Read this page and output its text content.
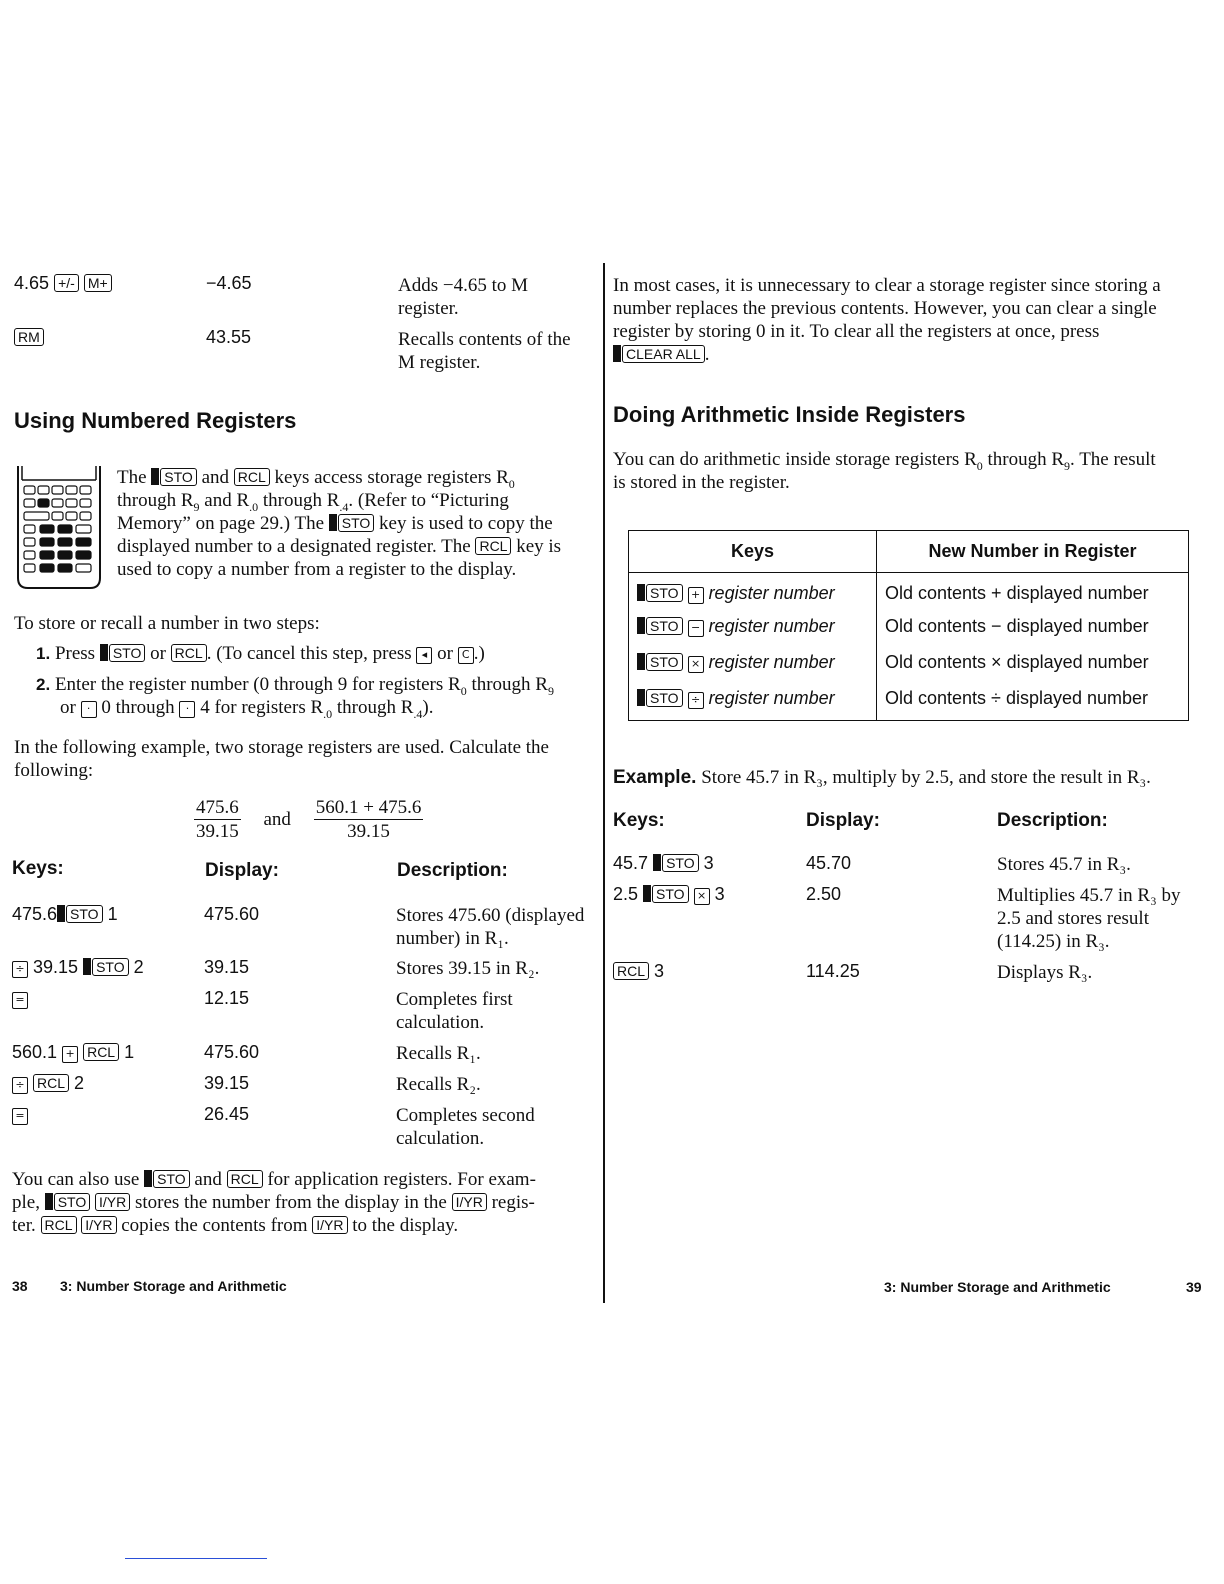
4.65 +/- M+	−4.65	Adds −4.65 to M
register.
RM	43.55	Recalls contents of the
M register.
Using Numbered Registers
The STO and RCL keys access storage registers $R_0$
through $R_9$ and $R_{.0}$ through $R_{.4}$. (Refer to “Picturing
Memory” on page 29.) The STO key is used to copy the
displayed number to a designated register. The RCL key is
used to copy a number from a register to the display.
To store or recall a number in two steps:
1. Press STO or RCL . (To cancel this step, press ◂ or C .)
2. Enter the register number (0 through 9 for registers $R_0$ through $R_9$
or · 0 through · 4 for registers $R_{.0}$ through $R_{.4}$).
In the following example, two storage registers are used. Calculate the
following:
$\frac{475.6}{39.15}$ and $\frac{560.1 + 475.6}{39.15}$
Keys:	Display:	Description:
475.6 STO 1	475.60	Stores 475.60 (displayed
number) in R₁.
÷ 39.15 STO 2	39.15	Stores 39.15 in R₂.
=	12.15	Completes first
calculation.
560.1 + RCL 1	475.60	Recalls R₁.
÷ RCL 2	39.15	Recalls R₂.
=	26.45	Completes second
calculation.
You can also use STO and RCL for application registers. For exam-
ple, STO I/YR stores the number from the display in the I/YR regis-
ter. RCL I/YR copies the contents from I/YR to the display.
38 3: Number Storage and Arithmetic
In most cases, it is unnecessary to clear a storage register since storing a
number replaces the previous contents. However, you can clear a single
register by storing 0 in it. To clear all the registers at once, press
CLEAR ALL .
Doing Arithmetic Inside Registers
You can do arithmetic inside storage registers $R_0$ through $R_9$. The result
is stored in the register.
Keys	New Number in Register
STO + register number	Old contents + displayed number
STO − register number	Old contents − displayed number
STO × register number	Old contents × displayed number
STO ÷ register number	Old contents ÷ displayed number
Example. Store 45.7 in R₃, multiply by 2.5, and store the result in R₃.
Keys:	Display:	Description:
45.7 STO 3	45.70	Stores 45.7 in R₃.
2.5 STO × 3	2.50	Multiplies 45.7 in R₃ by
2.5 and stores result
(114.25) in R₃.
RCL 3	114.25	Displays R₃.
3: Number Storage and Arithmetic	39
